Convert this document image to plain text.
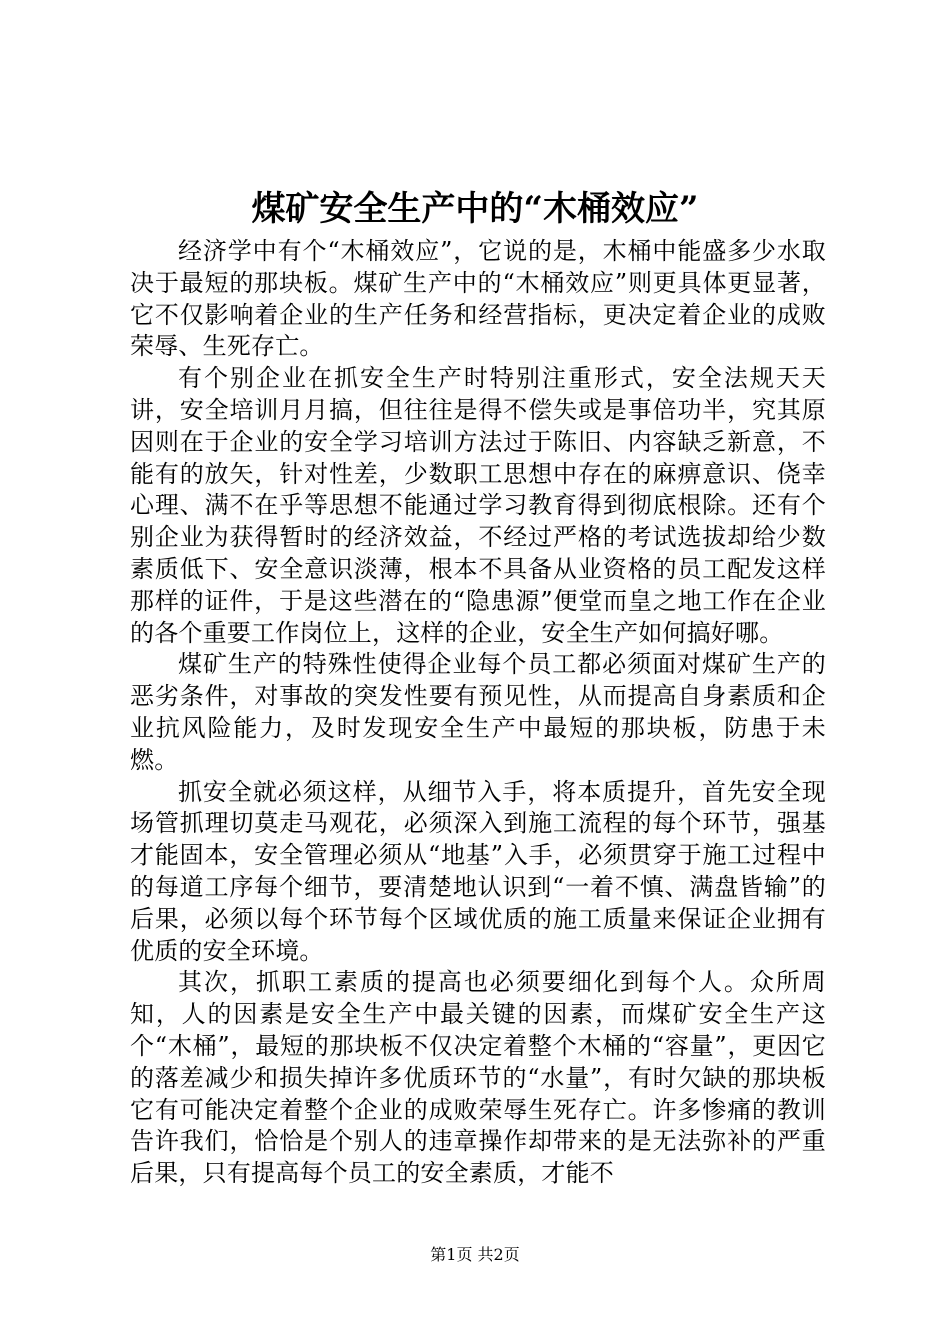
煤矿安全生产中的“木桶效应”

经济学中有个“木桶效应”，它说的是，木桶中能盛多少水取决于最短的那块板。煤矿生产中的“木桶效应”则更具体更显著，它不仅影响着企业的生产任务和经营指标，更决定着企业的成败荣辱、生死存亡。

有个别企业在抓安全生产时特别注重形式，安全法规天天讲，安全培训月月搞，但往往是得不偿失或是事倍功半，究其原因则在于企业的安全学习培训方法过于陈旧、内容缺乏新意，不能有的放矢，针对性差，少数职工思想中存在的麻痹意识、侥幸心理、满不在乎等思想不能通过学习教育得到彻底根除。还有个别企业为获得暂时的经济效益，不经过严格的考试选拔却给少数素质低下、安全意识淡薄，根本不具备从业资格的员工配发这样那样的证件，于是这些潜在的“隐患源”便堂而皇之地工作在企业的各个重要工作岗位上，这样的企业，安全生产如何搞好哪。

煤矿生产的特殊性使得企业每个员工都必须面对煤矿生产的恶劣条件，对事故的突发性要有预见性，从而提高自身素质和企业抗风险能力，及时发现安全生产中最短的那块板，防患于未燃。

抓安全就必须这样，从细节入手，将本质提升，首先安全现场管抓理切莫走马观花，必须深入到施工流程的每个环节，强基才能固本，安全管理必须从“地基”入手，必须贯穿于施工过程中的每道工序每个细节，要清楚地认识到“一着不慎、满盘皆输”的后果，必须以每个环节每个区域优质的施工质量来保证企业拥有优质的安全环境。

其次，抓职工素质的提高也必须要细化到每个人。众所周知，人的因素是安全生产中最关键的因素，而煤矿安全生产这个“木桶”，最短的那块板不仅决定着整个木桶的“容量”，更因它的落差减少和损失掉许多优质环节的“水量”，有时欠缺的那块板它有可能决定着整个企业的成败荣辱生死存亡。许多惨痛的教训告许我们，恰恰是个别人的违章操作却带来的是无法弥补的严重后果，只有提高每个员工的安全素质，才能不

第1页 共2页
